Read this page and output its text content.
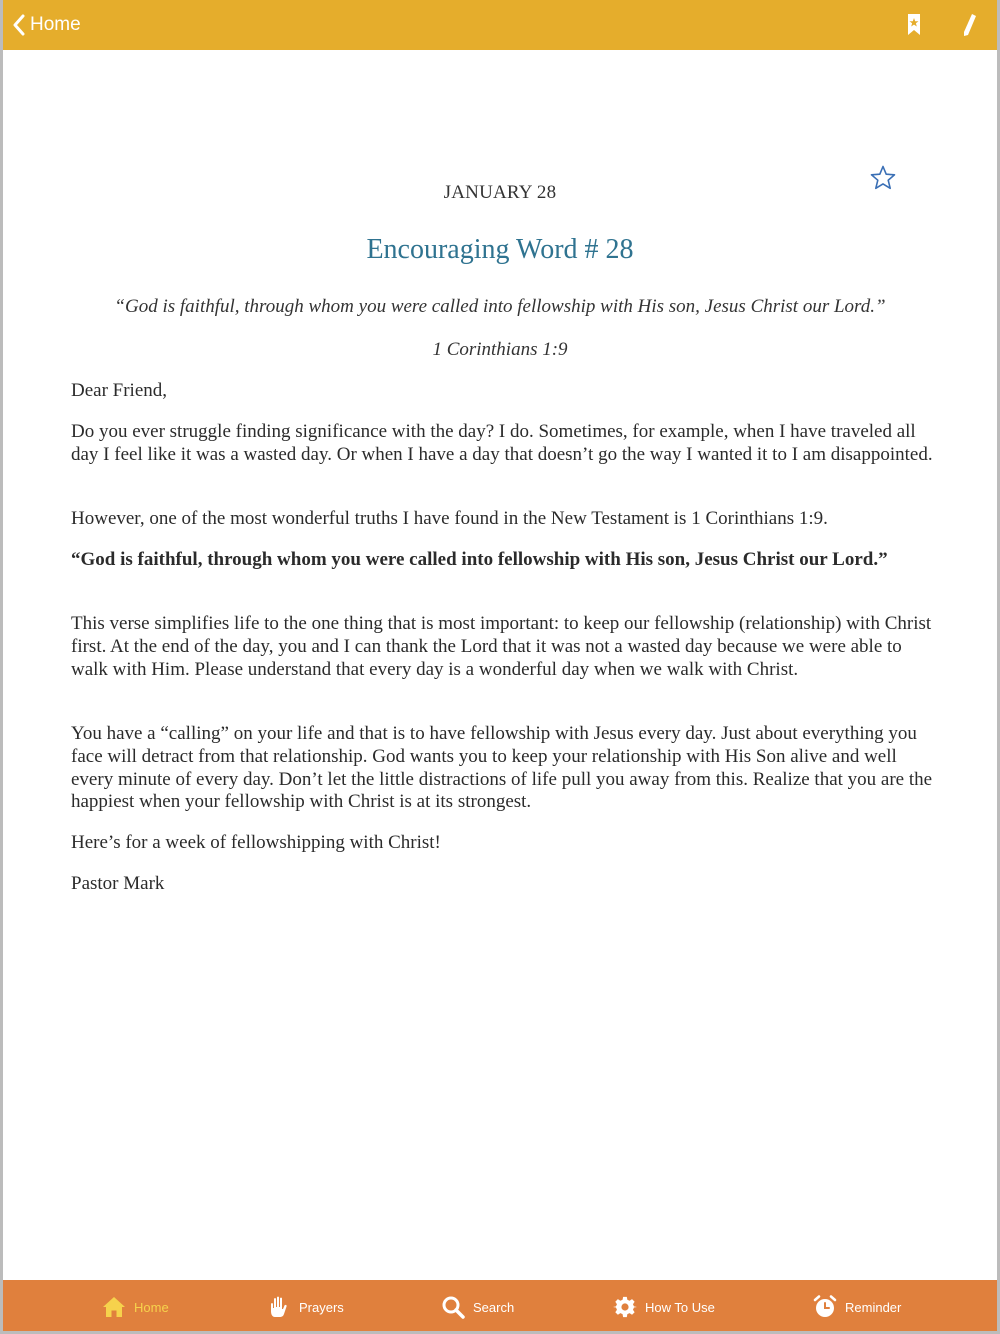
Home
JANUARY 28
Encouraging Word # 28
“God is faithful, through whom you were called into fellowship with His son, Jesus Christ our Lord.”
1 Corinthians 1:9
Dear Friend,
Do you ever struggle finding significance with the day? I do. Sometimes, for example, when I have traveled all day I feel like it was a wasted day. Or when I have a day that doesn’t go the way I wanted it to I am disappointed.
However, one of the most wonderful truths I have found in the New Testament is 1 Corinthians 1:9.
“God is faithful, through whom you were called into fellowship with His son, Jesus Christ our Lord.”
This verse simplifies life to the one thing that is most important: to keep our fellowship (relationship) with Christ first. At the end of the day, you and I can thank the Lord that it was not a wasted day because we were able to walk with Him. Please understand that every day is a wonderful day when we walk with Christ.
You have a “calling” on your life and that is to have fellowship with Jesus every day. Just about everything you face will detract from that relationship. God wants you to keep your relationship with His Son alive and well every minute of every day. Don’t let the little distractions of life pull you away from this. Realize that you are the happiest when your fellowship with Christ is at its strongest.
Here’s for a week of fellowshipping with Christ!
Pastor Mark
Home	Prayers	Search	How To Use	Reminder
